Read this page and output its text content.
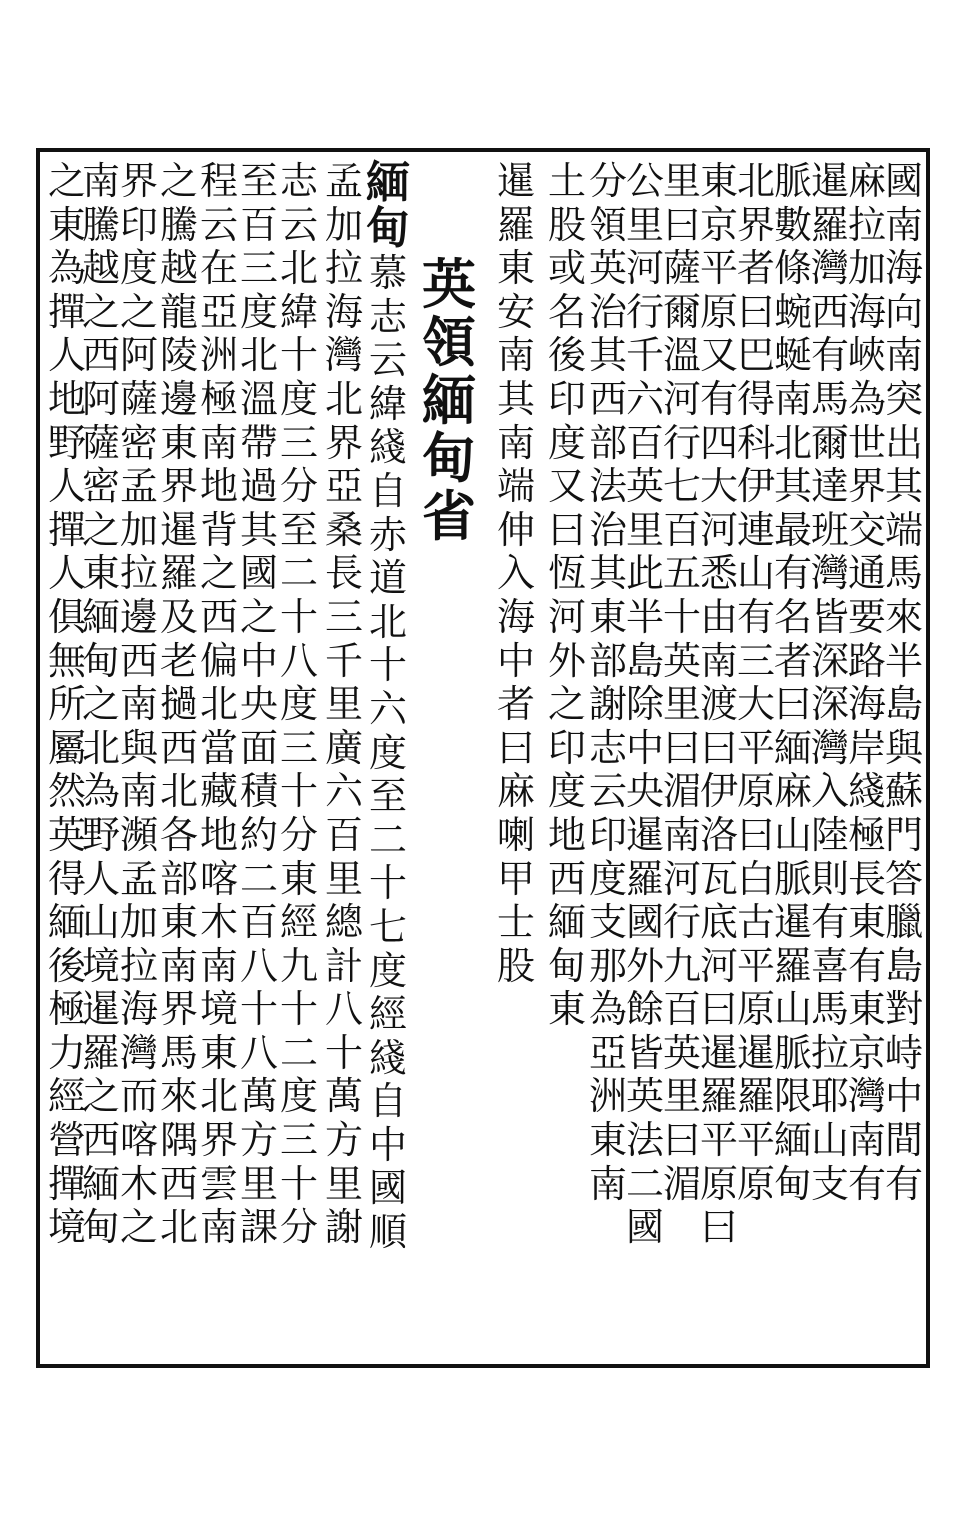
國
南
海
向
南
突
出
其
端
馬
來
半
島
與
蘇
門
答
臘
島
對
峙
中
間
有
麻
拉
加
海
峽
為
世
界
交
通
要
路
海
岸
綫
極
長
東
有
東
京
灣
南
有
暹
羅
灣
西
有
馬
爾
達
班
灣
皆
深
深
灣
入
陸
則
有
喜
馬
拉
耶
山
支
脈
數
條
蜿
蜒
南
北
其
最
有
名
者
曰
緬
麻
山
脈
暹
羅
山
脈
限
緬
甸
北
界
者
曰
巴
得
科
伊
連
山
有
三
大
平
原
曰
白
古
平
原
暹
羅
平
原
東
京
平
原
又
有
四
大
河
悉
由
南
渡
曰
伊
洛
瓦
底
河
曰
暹
羅
平
原
曰
里
曰
薩
爾
溫
河
行
七
百
五
十
英
里
曰
湄
南
河
行
九
百
英
里
曰
湄
公
里
河
行
千
六
百
英
里
此
半
島
除
中
央
暹
羅
國
外
餘
皆
英
法
二
國
分
領
英
治
其
西
部
法
治
其
東
部
謝
志
云
印
度
支
那
為
亞
洲
東
南
土
股
或
名
後
印
度
又
曰
恆
河
外
之
印
度
地
西
緬
甸
東
暹
羅
東
安
南
其
南
端
伸
入
海
中
者
曰
麻
喇
甲
士
股
英
領
緬
甸
省
緬
甸
慕
志
云
緯
綫
自
赤
道
北
十
六
度
至
二
十
七
度
經
綫
自
中
國
順
孟
加
拉
海
灣
北
界
亞
桑
長
三
千
里
廣
六
百
里
總
計
八
十
萬
方
里
謝
志
云
北
緯
十
度
三
分
至
二
十
八
度
三
十
分
東
經
九
十
二
度
三
十
分
至
百
三
度
北
溫
帶
過
其
國
之
中
央
面
積
約
二
百
八
十
八
萬
方
里
課
程
云
在
亞
洲
極
南
地
背
之
西
偏
北
當
藏
地
喀
木
南
境
東
北
界
雲
南
之
騰
越
龍
陵
邊
東
界
暹
羅
及
老
撾
西
北
各
部
東
南
界
馬
來
隅
西
北
界
印
度
之
阿
薩
密
孟
加
拉
邊
西
南
與
南
瀕
孟
加
拉
海
灣
而
喀
木
之
南
騰
越
之
西
阿
薩
密
之
東
緬
甸
之
北
為
野
人
山
境
暹
羅
之
西
緬
甸
之
東
為
撣
人
地
野
人
撣
人
俱
無
所
屬
然
英
得
緬
後
極
力
經
營
撣
境
